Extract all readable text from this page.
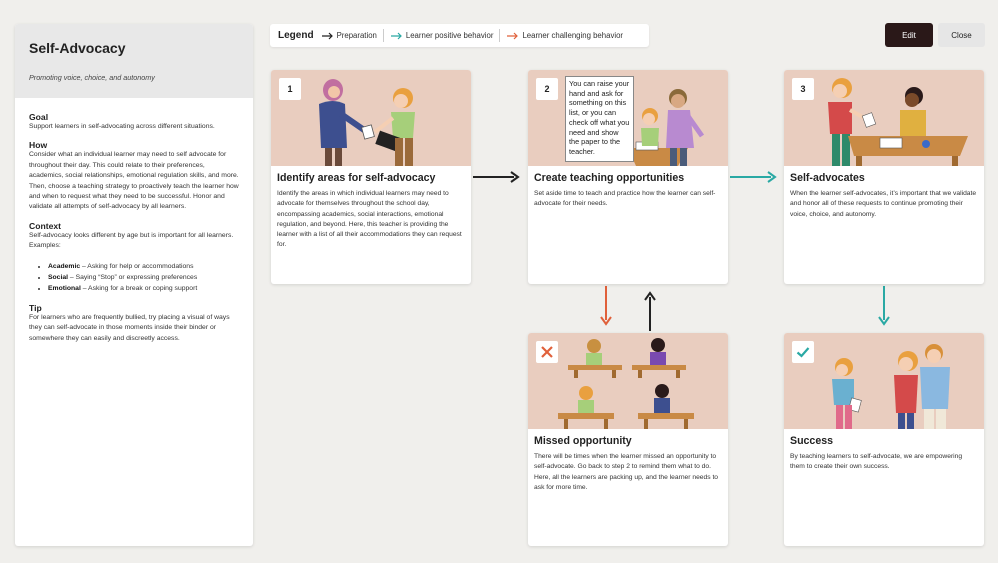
Self-Advocacy
Promoting voice, choice, and autonomy
Goal
Support learners in self-advocating across different situations.
How
Consider what an individual learner may need to self advocate for throughout their day. This could relate to their preferences, academics, social relationships, emotional regulation skills, and more. Then, choose a teaching strategy to proactively teach the learner how and when to request what they need to be successful. Honor and validate all attempts of self-advocacy by all learners.
Context
Self-advocacy looks different by age but is important for all learners. Examples:
• Academic – Asking for help or accommodations
• Social – Saying “Stop” or expressing preferences
• Emotional – Asking for a break or coping support
Tip
For learners who are frequently bullied, try placing a visual of ways they can self-advocate in those moments inside their binder or somewhere they can easily and discreetly access.
Legend	Preparation	Learner positive behavior	Learner challenging behavior	Edit	Close
1
Identify areas for self-advocacy
Identify the areas in which individual learners may need to advocate for themselves throughout the school day, encompassing academics, social interactions, emotional regulation, and beyond. Here, this teacher is providing the learner with a list of all their accommodations they can request for.
2
You can raise your hand and ask for something on this list, or you can check off what you need and show the paper to the teacher.
Create teaching opportunities
Set aside time to teach and practice how the learner can self-advocate for their needs.
3
Self-advocates
When the learner self-advocates, it’s important that we validate and honor all of these requests to continue promoting their voice, choice, and autonomy.
Missed opportunity
There will be times when the learner missed an opportunity to self-advocate. Go back to step 2 to remind them what to do. Here, all the learners are packing up, and the learner needs to ask for more time.
Success
By teaching learners to self-advocate, we are empowering them to create their own success.
